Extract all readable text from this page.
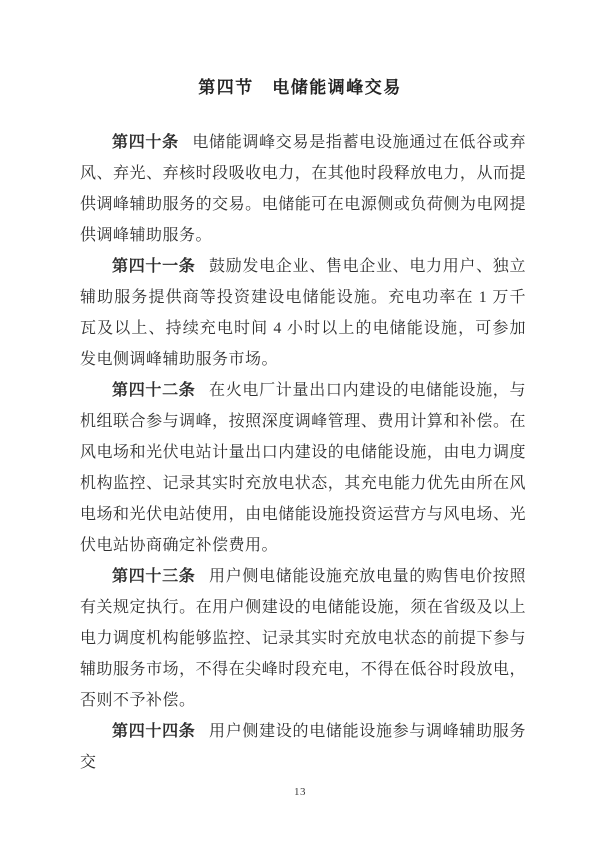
第四节　电储能调峰交易

第四十条 电储能调峰交易是指蓄电设施通过在低谷或弃风、弃光、弃核时段吸收电力，在其他时段释放电力，从而提供调峰辅助服务的交易。电储能可在电源侧或负荷侧为电网提供调峰辅助服务。

第四十一条 鼓励发电企业、售电企业、电力用户、独立辅助服务提供商等投资建设电储能设施。充电功率在 1 万千瓦及以上、持续充电时间 4 小时以上的电储能设施，可参加发电侧调峰辅助服务市场。

第四十二条 在火电厂计量出口内建设的电储能设施，与机组联合参与调峰，按照深度调峰管理、费用计算和补偿。在风电场和光伏电站计量出口内建设的电储能设施，由电力调度机构监控、记录其实时充放电状态，其充电能力优先由所在风电场和光伏电站使用，由电储能设施投资运营方与风电场、光伏电站协商确定补偿费用。

第四十三条 用户侧电储能设施充放电量的购售电价按照有关规定执行。在用户侧建设的电储能设施，须在省级及以上电力调度机构能够监控、记录其实时充放电状态的前提下参与辅助服务市场，不得在尖峰时段充电，不得在低谷时段放电，否则不予补偿。

第四十四条 用户侧建设的电储能设施参与调峰辅助服务交

13
